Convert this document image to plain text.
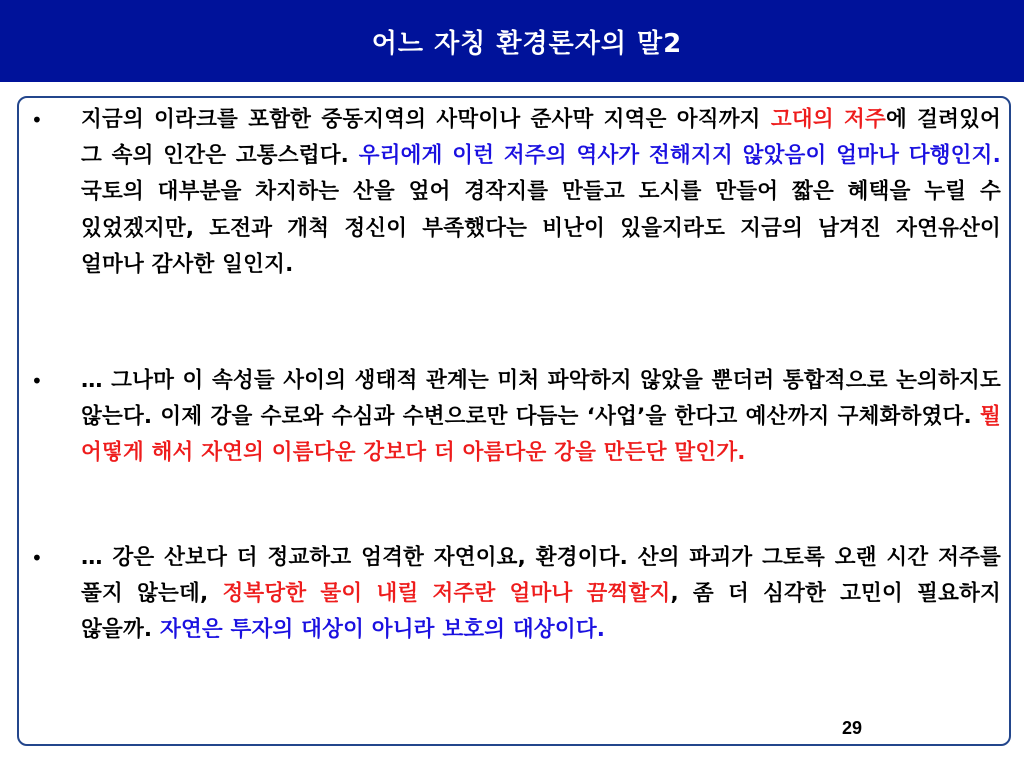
어느 자칭 환경론자의 말2
• 지금의 이라크를 포함한 중동지역의 사막이나 준사막 지역은 아직까지 고대의 저주에 걸려있어 그 속의 인간은 고통스럽다. 우리에게 이런 저주의 역사가 전해지지 않았음이 얼마나 다행인지. 국토의 대부분을 차지하는 산을 엎어 경작지를 만들고 도시를 만들어 짧은 혜택을 누릴 수 있었겠지만, 도전과 개척 정신이 부족했다는 비난이 있을지라도 지금의 남겨진 자연유산이 얼마나 감사한 일인지.
• … 그나마 이 속성들 사이의 생태적 관계는 미처 파악하지 않았을 뿐더러 통합적으로 논의하지도 않는다. 이제 강을 수로와 수심과 수변으로만 다듬는 ‘사업’을 한다고 예산까지 구체화하였다. 뭘 어떻게 해서 자연의 이름다운 강보다 더 아름다운 강을 만든단 말인가.
• … 강은 산보다 더 정교하고 엄격한 자연이요, 환경이다. 산의 파괴가 그토록 오랜 시간 저주를 풀지 않는데, 정복당한 물이 내릴 저주란 얼마나 끔찍할지, 좀 더 심각한 고민이 필요하지 않을까. 자연은 투자의 대상이 아니라 보호의 대상이다.
29
